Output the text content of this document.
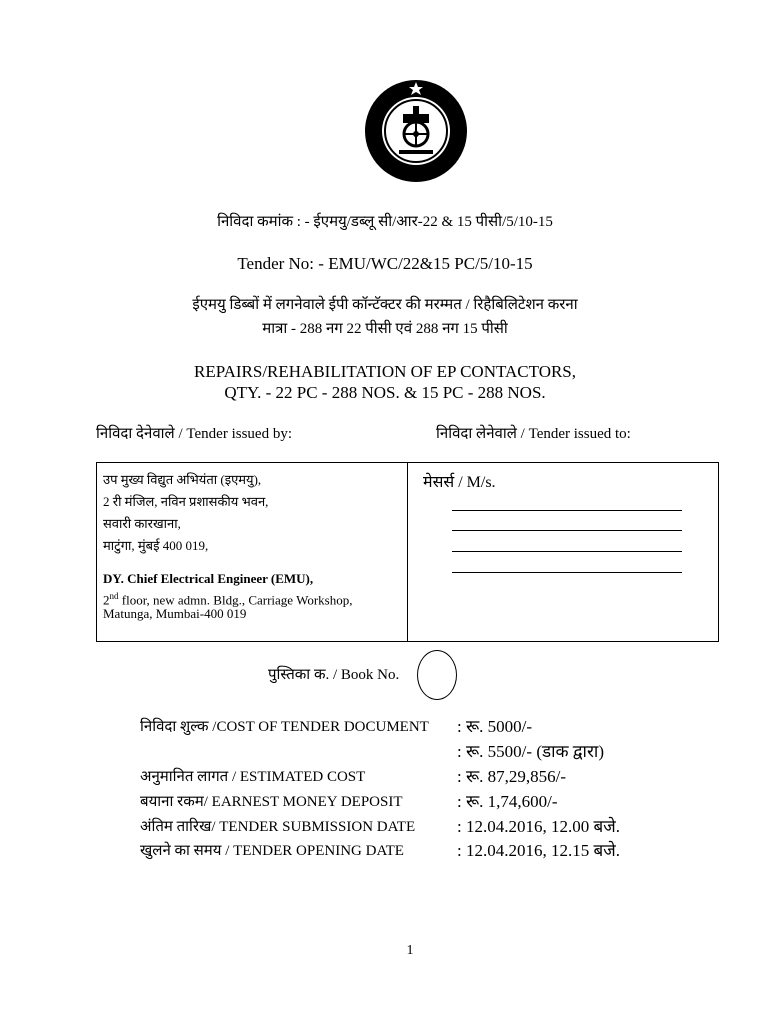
निविदा कमांक : - ईएमयु/डब्लू सी/आर-22 & 15 पीसी/5/10-15
Tender No: - EMU/WC/22&15 PC/5/10-15
ईएमयु डिब्बों में लगनेवाले ईपी कॉन्टॅक्टर की मरम्मत / रिहैबिलिटेशन करना
मात्रा - 288 नग 22 पीसी एवं 288 नग 15 पीसी
REPAIRS/REHABILITATION OF EP CONTACTORS,
QTY. - 22 PC - 288 NOS. & 15 PC - 288 NOS.
निविदा देनेवाले / Tender issued by:	निविदा लेनेवाले / Tender issued to:
उप मुख्य विद्युत अभियंता (इएमयु),
2 री मंजिल, नविन प्रशासकीय भवन,
सवारी कारखाना,
माटुंगा, मुंबई 400 019,
DY. Chief Electrical Engineer (EMU),
2nd floor, new admn. Bldg., Carriage Workshop,
Matunga, Mumbai-400 019
मेसर्स / M/s.
पुस्तिका क. / Book No.
निविदा शुल्क /COST OF TENDER DOCUMENT : रू. 5000/-
: रू. 5500/- (डाक द्वारा)
अनुमानित लागत / ESTIMATED COST	: रू. 87,29,856/-
बयाना रकम/ EARNEST MONEY DEPOSIT	: रू. 1,74,600/-
अंतिम तारिख/ TENDER SUBMISSION DATE : 12.04.2016, 12.00 बजे.
खुलने का समय / TENDER OPENING DATE	: 12.04.2016, 12.15 बजे.
1
